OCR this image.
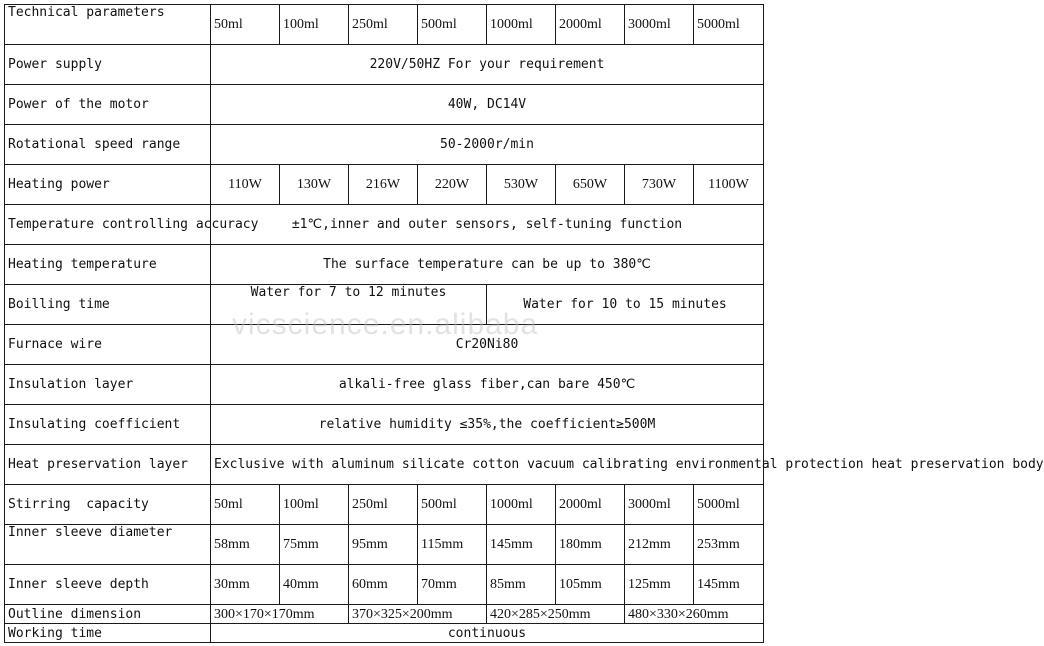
Technical parameters	50ml	100ml	250ml	500ml	1000ml	2000ml	3000ml	5000ml
Power supply	220V/50HZ For your requirement							
Power of the motor	40W, DC14V							
Rotational speed range	50-2000r/min							
Heating power	110W	130W	216W	220W	530W	650W	730W	1100W
Temperature controlling accuracy	±1℃,inner and outer sensors, self-tuning function							
Heating temperature	The surface temperature can be up to 380℃							
Boilling time	Water for 7 to 12 minutes				Water for 10 to 15 minutes			
Furnace wire	Cr20Ni80							
Insulation layer	alkali-free glass fiber,can bare 450℃							
Insulating coefficient	relative humidity ≤35%,the coefficient≥500M							
Heat preservation layer	Exclusive with aluminum silicate cotton vacuum calibrating environmental protection heat preservation body							
Stirring  capacity	50ml	100ml	250ml	500ml	1000ml	2000ml	3000ml	5000ml
Inner sleeve diameter	58mm	75mm	95mm	115mm	145mm	180mm	212mm	253mm
Inner sleeve depth	30mm	40mm	60mm	70mm	85mm	105mm	125mm	145mm
Outline dimension	300×170×170mm		370×325×200mm		420×285×250mm		480×330×260mm	
Working time	continuous							
vicscience.en.alibaba
